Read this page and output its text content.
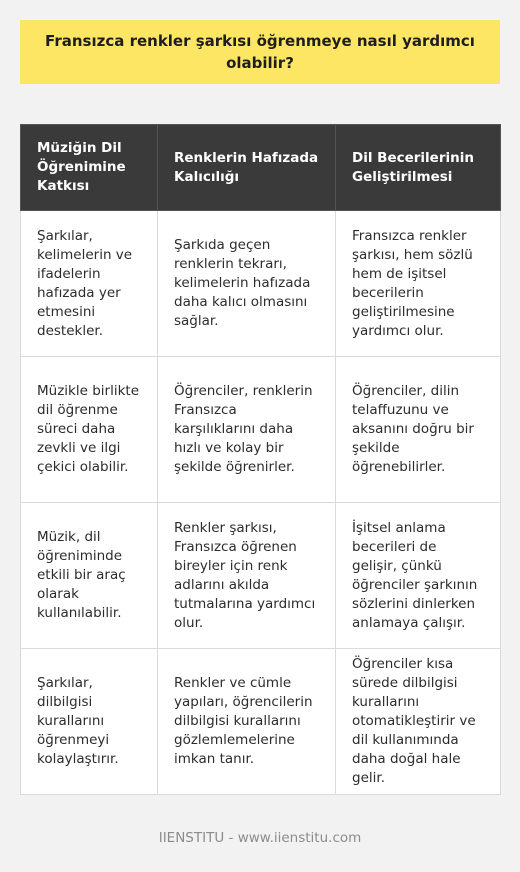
Fransızca renkler şarkısı öğrenmeye nasıl yardımcı olabilir?
Müziğin Dil Öğrenimine Katkısı	Renklerin Hafızada Kalıcılığı	Dil Becerilerinin Geliştirilmesi
Şarkılar, kelimelerin ve ifadelerin hafızada yer etmesini destekler.	Şarkıda geçen renklerin tekrarı, kelimelerin hafızada daha kalıcı olmasını sağlar.	Fransızca renkler şarkısı, hem sözlü hem de işitsel becerilerin geliştirilmesine yardımcı olur.
Müzikle birlikte dil öğrenme süreci daha zevkli ve ilgi çekici olabilir.	Öğrenciler, renklerin Fransızca karşılıklarını daha hızlı ve kolay bir şekilde öğrenirler.	Öğrenciler, dilin telaffuzunu ve aksanını doğru bir şekilde öğrenebilirler.
Müzik, dil öğreniminde etkili bir araç olarak kullanılabilir.	Renkler şarkısı, Fransızca öğrenen bireyler için renk adlarını akılda tutmalarına yardımcı olur.	İşitsel anlama becerileri de gelişir, çünkü öğrenciler şarkının sözlerini dinlerken anlamaya çalışır.
Şarkılar, dilbilgisi kurallarını öğrenmeyi kolaylaştırır.	Renkler ve cümle yapıları, öğrencilerin dilbilgisi kurallarını gözlemlemelerine imkan tanır.	Öğrenciler kısa sürede dilbilgisi kurallarını otomatikleştirir ve dil kullanımında daha doğal hale gelir.
IIENSTITU - www.iienstitu.com
